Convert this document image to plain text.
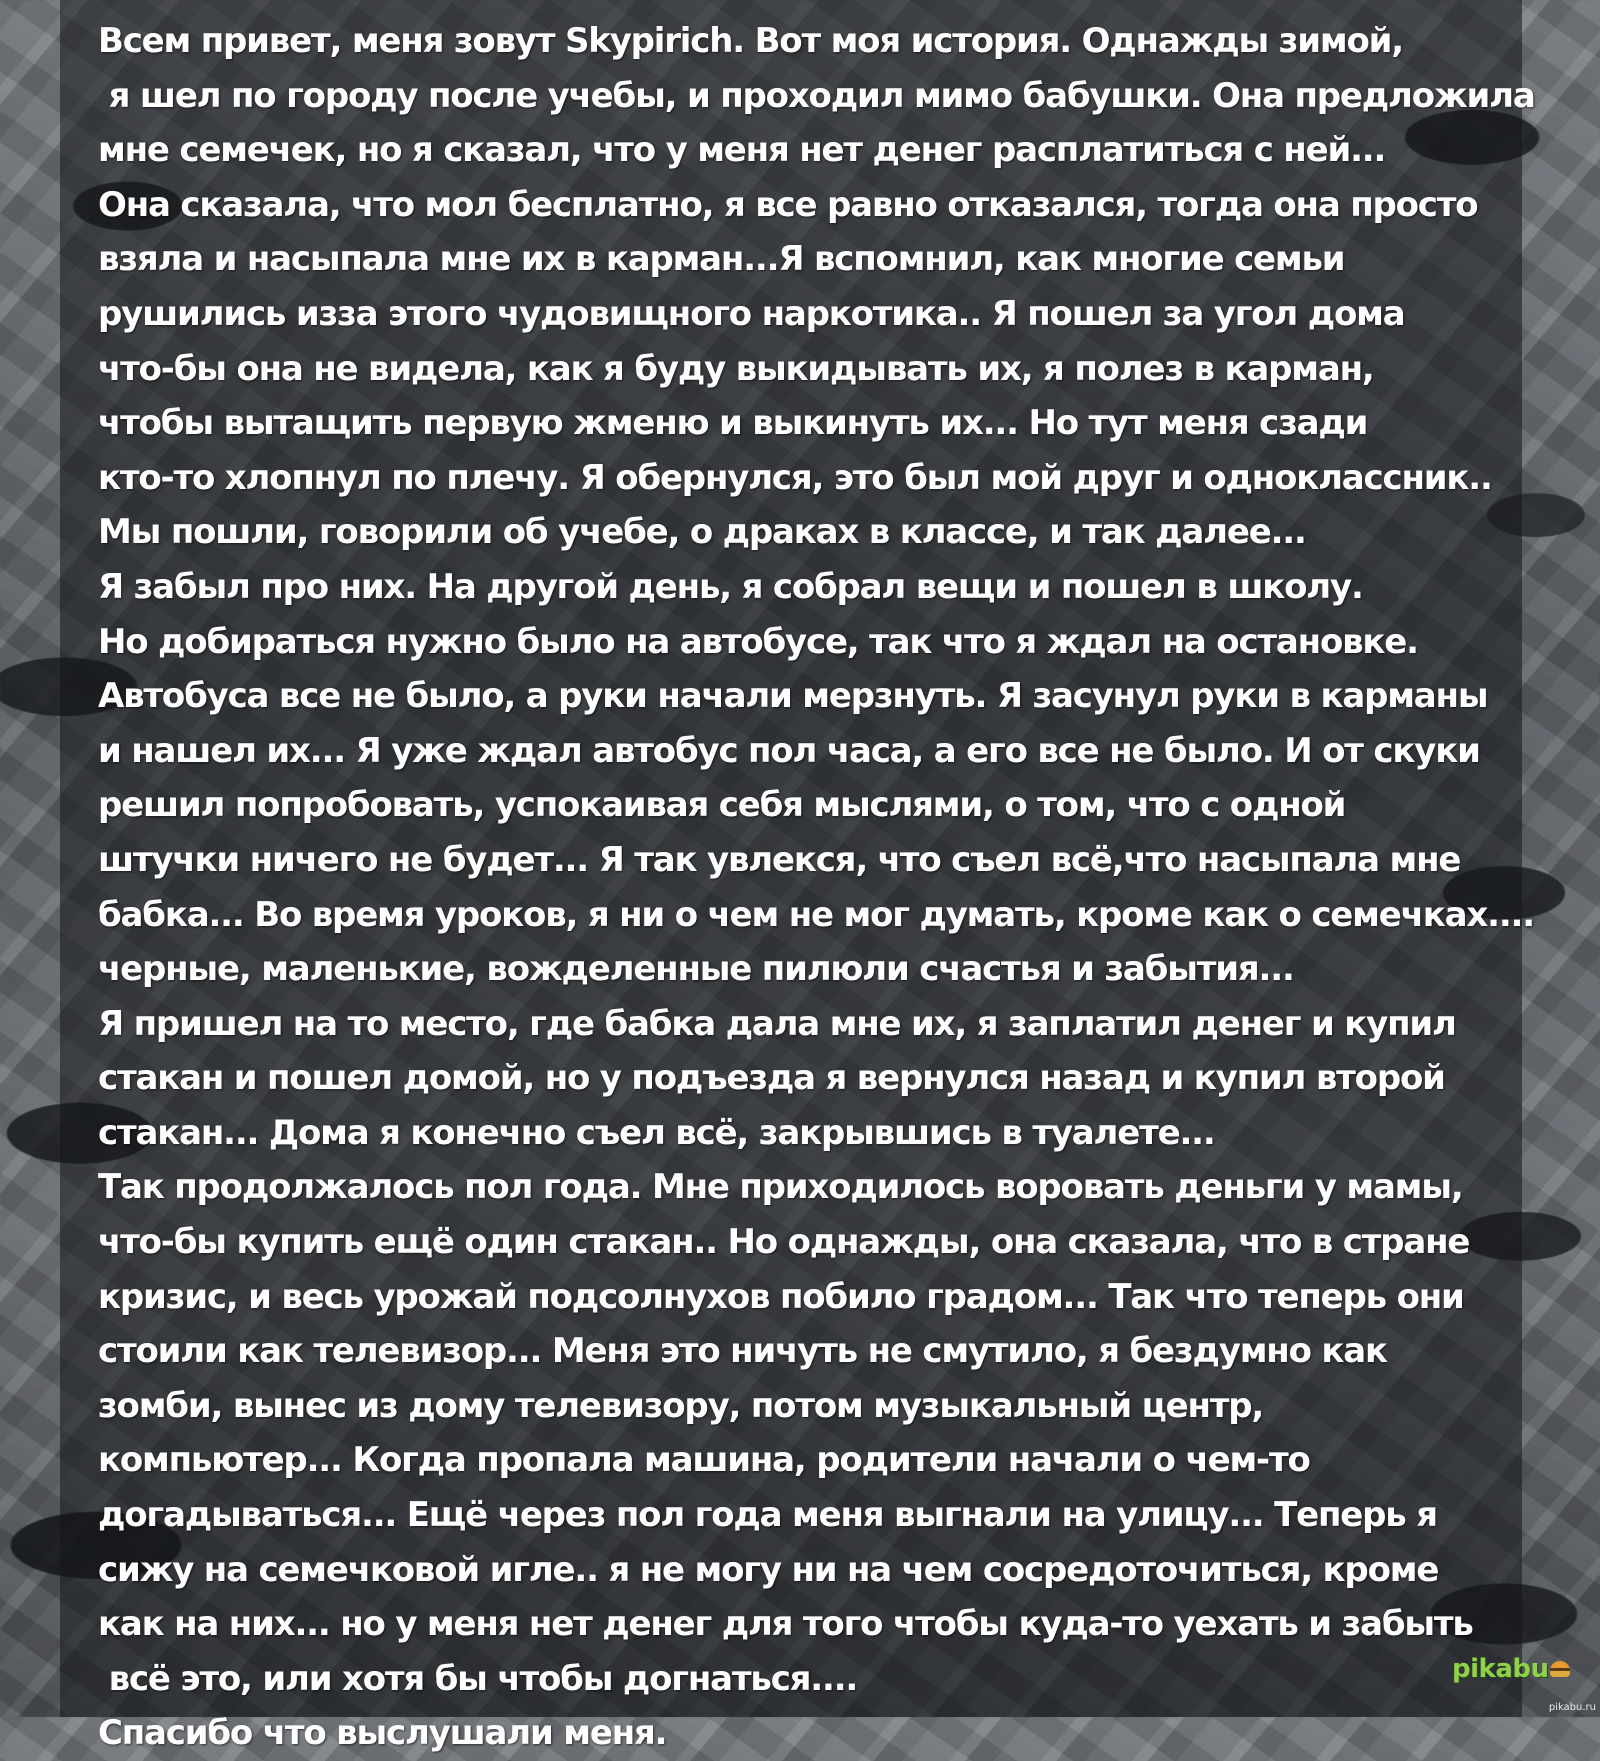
Всем привет, меня зовут Skypirich. Вот моя история. Однажды зимой,
я шел по городу после учебы, и проходил мимо бабушки. Она предложила
мне семечек, но я сказал, что у меня нет денег расплатиться с ней...
Она сказала, что мол бесплатно, я все равно отказался, тогда она просто
взяла и насыпала мне их в карман...Я вспомнил, как многие семьи
рушились изза этого чудовищного наркотика.. Я пошел за угол дома
что-бы она не видела, как я буду выкидывать их, я полез в карман,
чтобы вытащить первую жменю и выкинуть их... Но тут меня сзади
кто-то хлопнул по плечу. Я обернулся, это был мой друг и одноклассник..
Мы пошли, говорили об учебе, о драках в классе, и так далее...
Я забыл про них. На другой день, я собрал вещи и пошел в школу.
Но добираться нужно было на автобусе, так что я ждал на остановке.
Автобуса все не было, а руки начали мерзнуть. Я засунул руки в карманы
и нашел их... Я уже ждал автобус пол часа, а его все не было. И от скуки
решил попробовать, успокаивая себя мыслями, о том, что с одной
штучки ничего не будет... Я так увлекся, что съел всё,что насыпала мне
бабка... Во время уроков, я ни о чем не мог думать, кроме как о семечках....
черные, маленькие, вожделенные пилюли счастья и забытия...
Я пришел на то место, где бабка дала мне их, я заплатил денег и купил
стакан и пошел домой, но у подъезда я вернулся назад и купил второй
стакан... Дома я конечно съел всё, закрывшись в туалете...
Так продолжалось пол года. Мне приходилось воровать деньги у мамы,
что-бы купить ещё один стакан.. Но однажды, она сказала, что в стране
кризис, и весь урожай подсолнухов побило градом... Так что теперь они
стоили как телевизор... Меня это ничуть не смутило, я бездумно как
зомби, вынес из дому телевизору, потом музыкальный центр,
компьютер... Когда пропала машина, родители начали о чем-то
догадываться... Ещё через пол года меня выгнали на улицу... Теперь я
сижу на семечковой игле.. я не могу ни на чем сосредоточиться, кроме
как на них... но у меня нет денег для того чтобы куда-то уехать и забыть
всё это, или хотя бы чтобы догнаться....
Спасибо что выслушали меня.
pikabu
pikabu.ru
